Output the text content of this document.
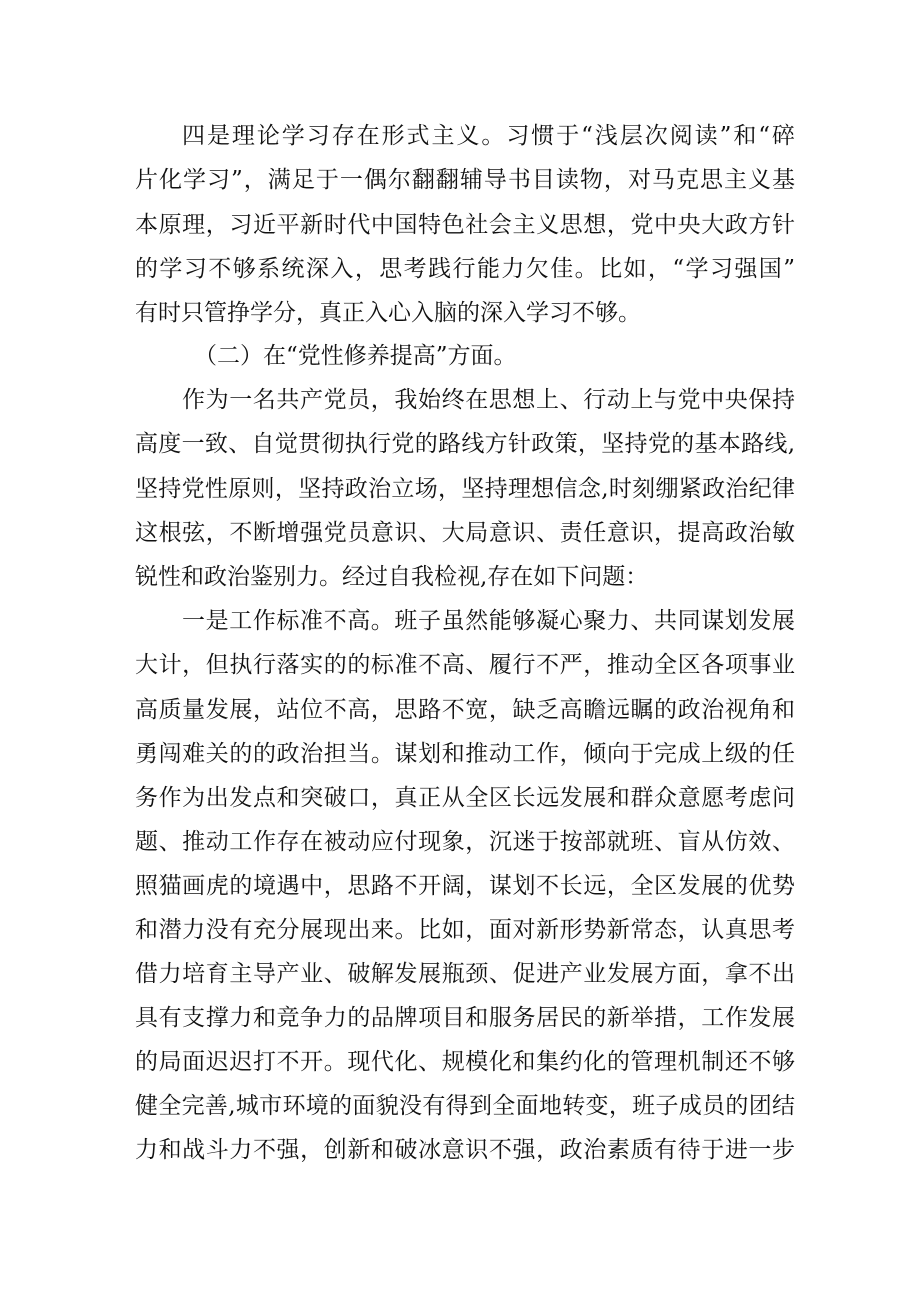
四是理论学习存在形式主义。习惯于“浅层次阅读”和“碎
片化学习”，满足于一偶尔翻翻辅导书目读物，对马克思主义基
本原理，习近平新时代中国特色社会主义思想，党中央大政方针
的学习不够系统深入，思考践行能力欠佳。比如，“学习强国”
有时只管挣学分，真正入心入脑的深入学习不够。
（二）在“党性修养提高”方面。
作为一名共产党员，我始终在思想上、行动上与党中央保持
高度一致、自觉贯彻执行党的路线方针政策，坚持党的基本路线,
坚持党性原则，坚持政治立场，坚持理想信念,时刻绷紧政治纪律
这根弦，不断增强党员意识、大局意识、责任意识，提高政治敏
锐性和政治鉴别力。经过自我检视,存在如下问题：
一是工作标准不高。班子虽然能够凝心聚力、共同谋划发展
大计，但执行落实的的标准不高、履行不严，推动全区各项事业
高质量发展，站位不高，思路不宽，缺乏高瞻远瞩的政治视角和
勇闯难关的的政治担当。谋划和推动工作，倾向于完成上级的任
务作为出发点和突破口，真正从全区长远发展和群众意愿考虑问
题、推动工作存在被动应付现象，沉迷于按部就班、盲从仿效、
照猫画虎的境遇中，思路不开阔，谋划不长远，全区发展的优势
和潜力没有充分展现出来。比如，面对新形势新常态，认真思考
借力培育主导产业、破解发展瓶颈、促进产业发展方面，拿不出
具有支撑力和竞争力的品牌项目和服务居民的新举措，工作发展
的局面迟迟打不开。现代化、规模化和集约化的管理机制还不够
健全完善,城市环境的面貌没有得到全面地转变，班子成员的团结
力和战斗力不强，创新和破冰意识不强，政治素质有待于进一步
